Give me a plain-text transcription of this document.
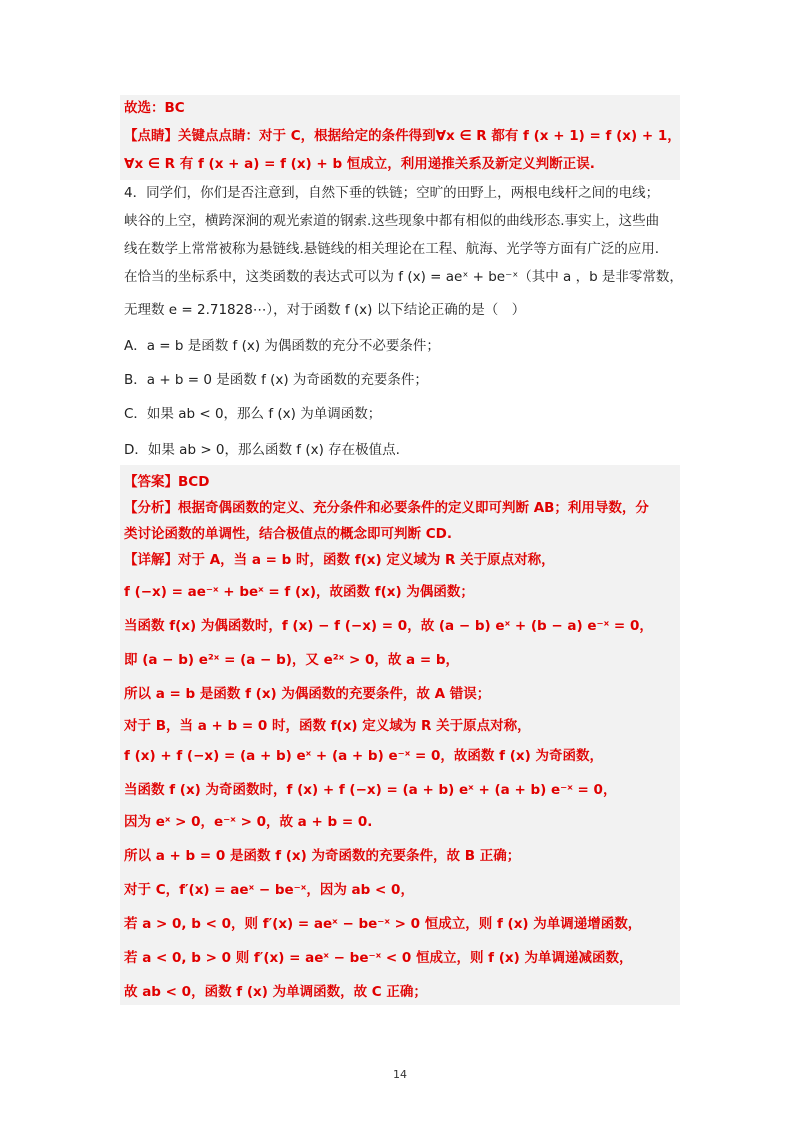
故选：BC
【点睛】关键点点睛：对于 C，根据给定的条件得到∀x ∈ R 都有 f (x + 1) = f (x) + 1，
∀x ∈ R 有 f (x + a) = f (x) + b 恒成立，利用递推关系及新定义判断正误.
4．同学们，你们是否注意到，自然下垂的铁链；空旷的田野上，两根电线杆之间的电线；
峡谷的上空，横跨深涧的观光索道的钢索.这些现象中都有相似的曲线形态.事实上，这些曲
线在数学上常常被称为悬链线.悬链线的相关理论在工程、航海、光学等方面有广泛的应用.
在恰当的坐标系中，这类函数的表达式可以为 f (x) = aeˣ + be⁻ˣ（其中 a ，b 是非零常数，
无理数 e = 2.71828⋯），对于函数 f (x) 以下结论正确的是（　）
A．a = b 是函数 f (x) 为偶函数的充分不必要条件；
B．a + b = 0 是函数 f (x) 为奇函数的充要条件；
C．如果 ab < 0，那么 f (x) 为单调函数；
D．如果 ab > 0，那么函数 f (x) 存在极值点.
【答案】BCD
【分析】根据奇偶函数的定义、充分条件和必要条件的定义即可判断 AB；利用导数，分
类讨论函数的单调性，结合极值点的概念即可判断 CD.
【详解】对于 A，当 a = b 时，函数 f(x) 定义域为 R 关于原点对称，
f (−x) = ae⁻ˣ + beˣ = f (x)，故函数 f(x) 为偶函数；
当函数 f(x) 为偶函数时，f (x) − f (−x) = 0，故 (a − b) eˣ + (b − a) e⁻ˣ = 0，
即 (a − b) e²ˣ = (a − b)，又 e²ˣ > 0，故 a = b，
所以 a = b 是函数 f (x) 为偶函数的充要条件，故 A 错误；
对于 B，当 a + b = 0 时，函数 f(x) 定义域为 R 关于原点对称，
f (x) + f (−x) = (a + b) eˣ + (a + b) e⁻ˣ = 0，故函数 f (x) 为奇函数，
当函数 f (x) 为奇函数时，f (x) + f (−x) = (a + b) eˣ + (a + b) e⁻ˣ = 0，
因为 eˣ > 0，e⁻ˣ > 0，故 a + b = 0.
所以 a + b = 0 是函数 f (x) 为奇函数的充要条件，故 B 正确；
对于 C，f′(x) = aeˣ − be⁻ˣ，因为 ab < 0，
若 a > 0, b < 0，则 f′(x) = aeˣ − be⁻ˣ > 0 恒成立，则 f (x) 为单调递增函数，
若 a < 0, b > 0 则 f′(x) = aeˣ − be⁻ˣ < 0 恒成立，则 f (x) 为单调递减函数，
故 ab < 0，函数 f (x) 为单调函数，故 C 正确；
14
